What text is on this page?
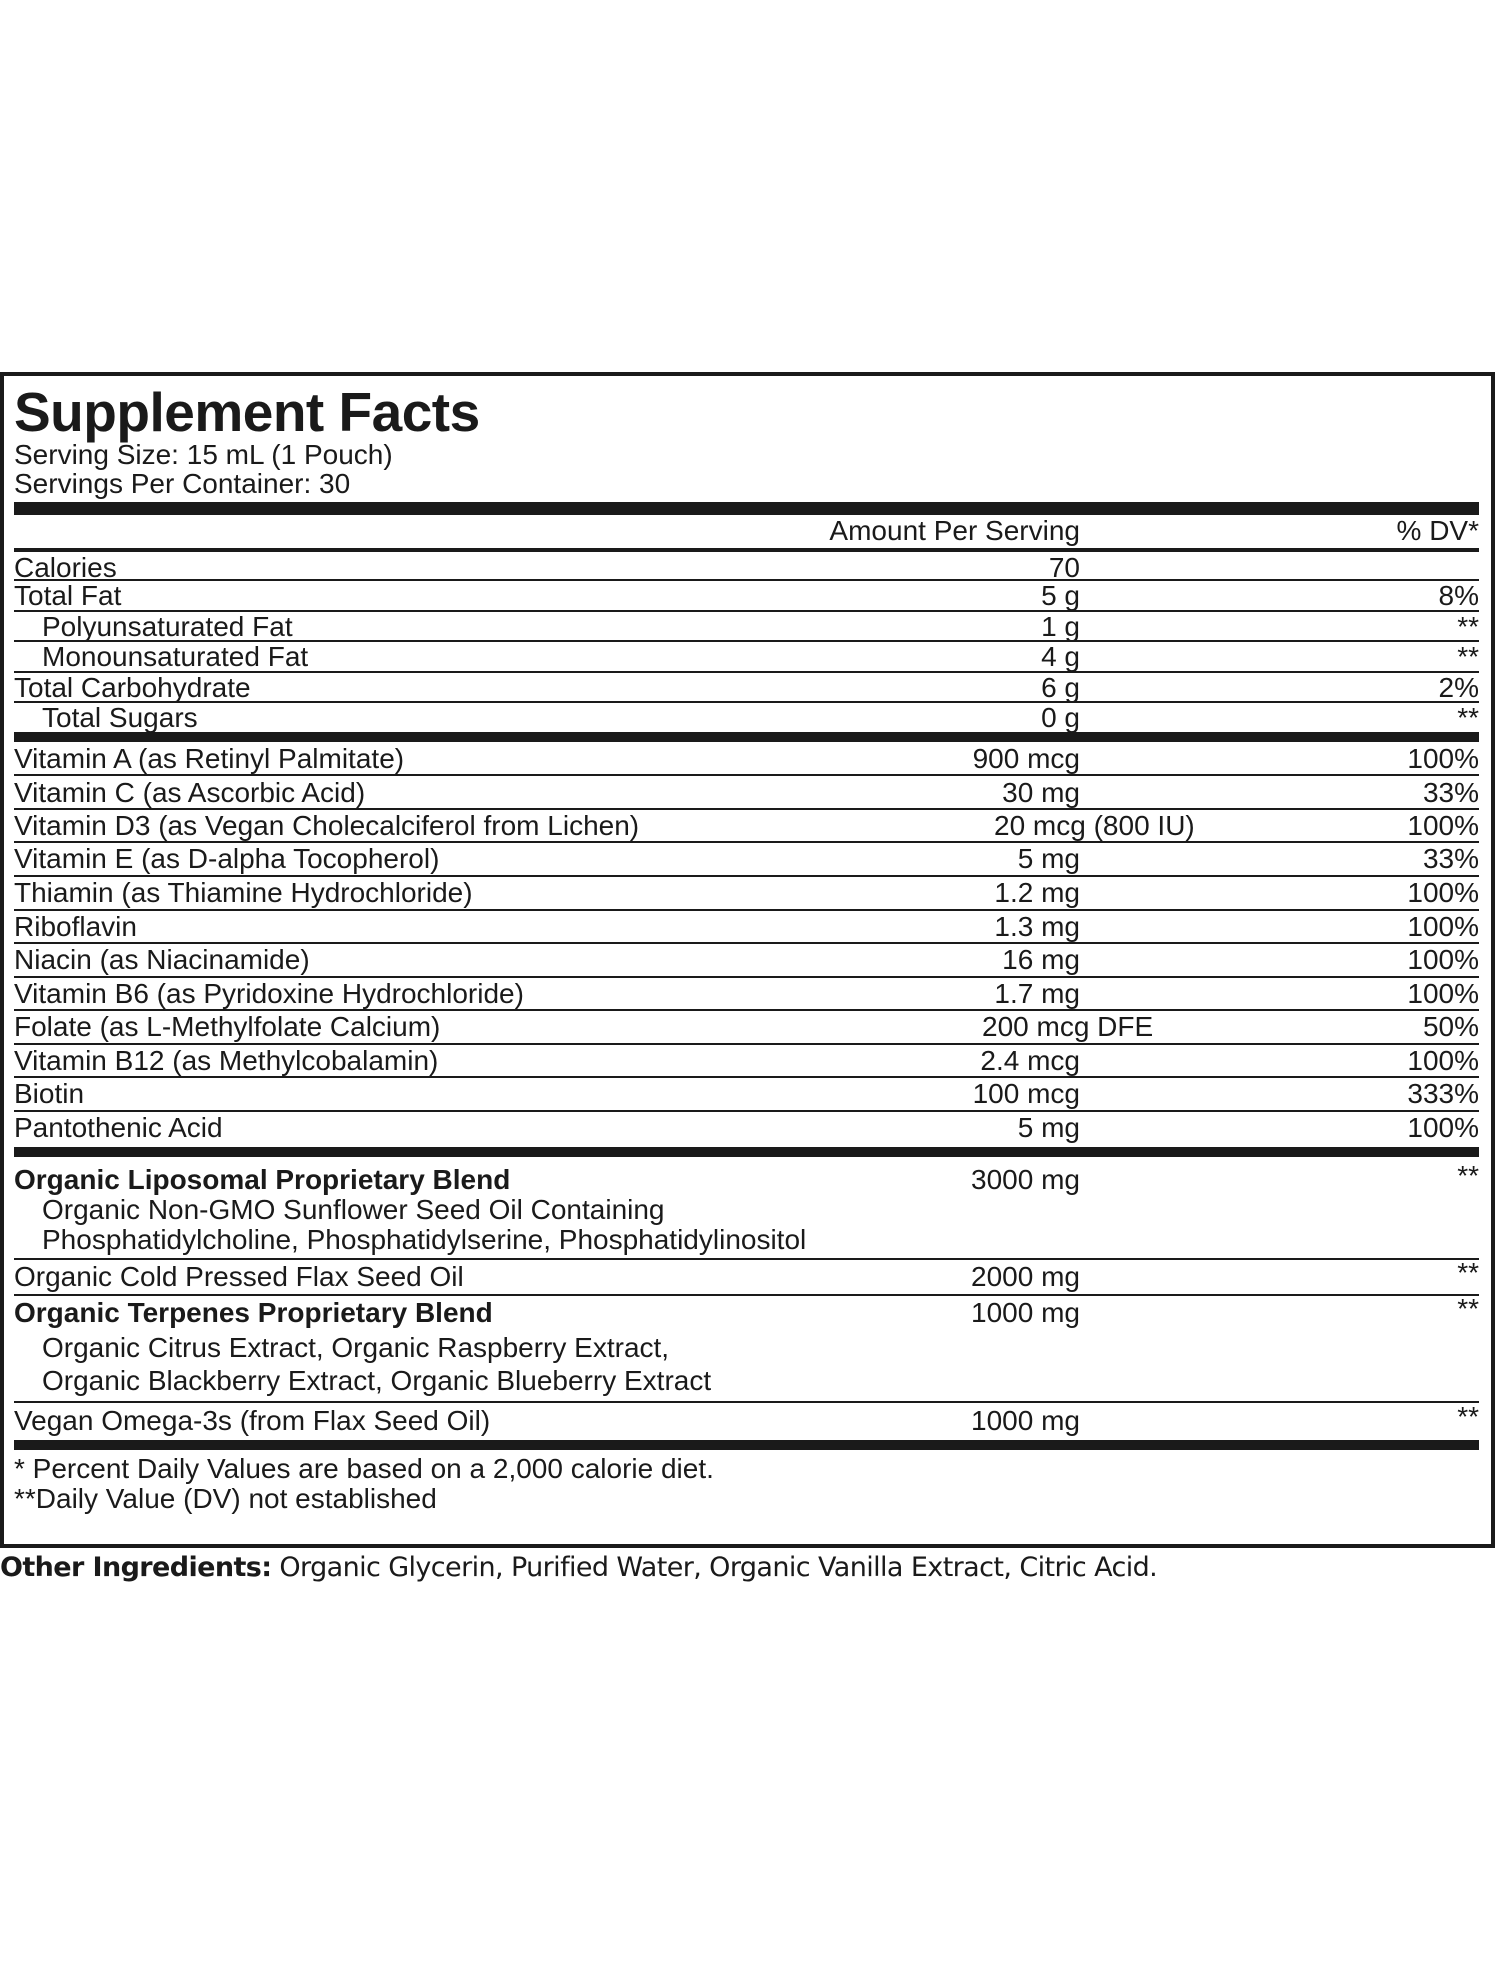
Supplement Facts
Serving Size: 15 mL (1 Pouch)
Servings Per Container: 30
Amount Per Serving	% DV*
Calories	70
Total Fat	5 g	8%
Polyunsaturated Fat	1 g	**
Monounsaturated Fat	4 g	**
Total Carbohydrate	6 g	2%
Total Sugars	0 g	**
Vitamin A (as Retinyl Palmitate)	900 mcg	100%
Vitamin C (as Ascorbic Acid)	30 mg	33%
Vitamin D3 (as Vegan Cholecalciferol from Lichen)	20 mcg (800 IU)	100%
Vitamin E (as D-alpha Tocopherol)	5 mg	33%
Thiamin (as Thiamine Hydrochloride)	1.2 mg	100%
Riboflavin	1.3 mg	100%
Niacin (as Niacinamide)	16 mg	100%
Vitamin B6 (as Pyridoxine Hydrochloride)	1.7 mg	100%
Folate (as L-Methylfolate Calcium)	200 mcg DFE	50%
Vitamin B12 (as Methylcobalamin)	2.4 mcg	100%
Biotin	100 mcg	333%
Pantothenic Acid	5 mg	100%
Organic Liposomal Proprietary Blend	3000 mg	**
Organic Non-GMO Sunflower Seed Oil Containing
Phosphatidylcholine, Phosphatidylserine, Phosphatidylinositol
Organic Cold Pressed Flax Seed Oil	2000 mg	**
Organic Terpenes Proprietary Blend	1000 mg	**
Organic Citrus Extract, Organic Raspberry Extract,
Organic Blackberry Extract, Organic Blueberry Extract
Vegan Omega-3s (from Flax Seed Oil)	1000 mg	**
* Percent Daily Values are based on a 2,000 calorie diet.
**Daily Value (DV) not established
Other Ingredients: Organic Glycerin, Purified Water, Organic Vanilla Extract, Citric Acid.
